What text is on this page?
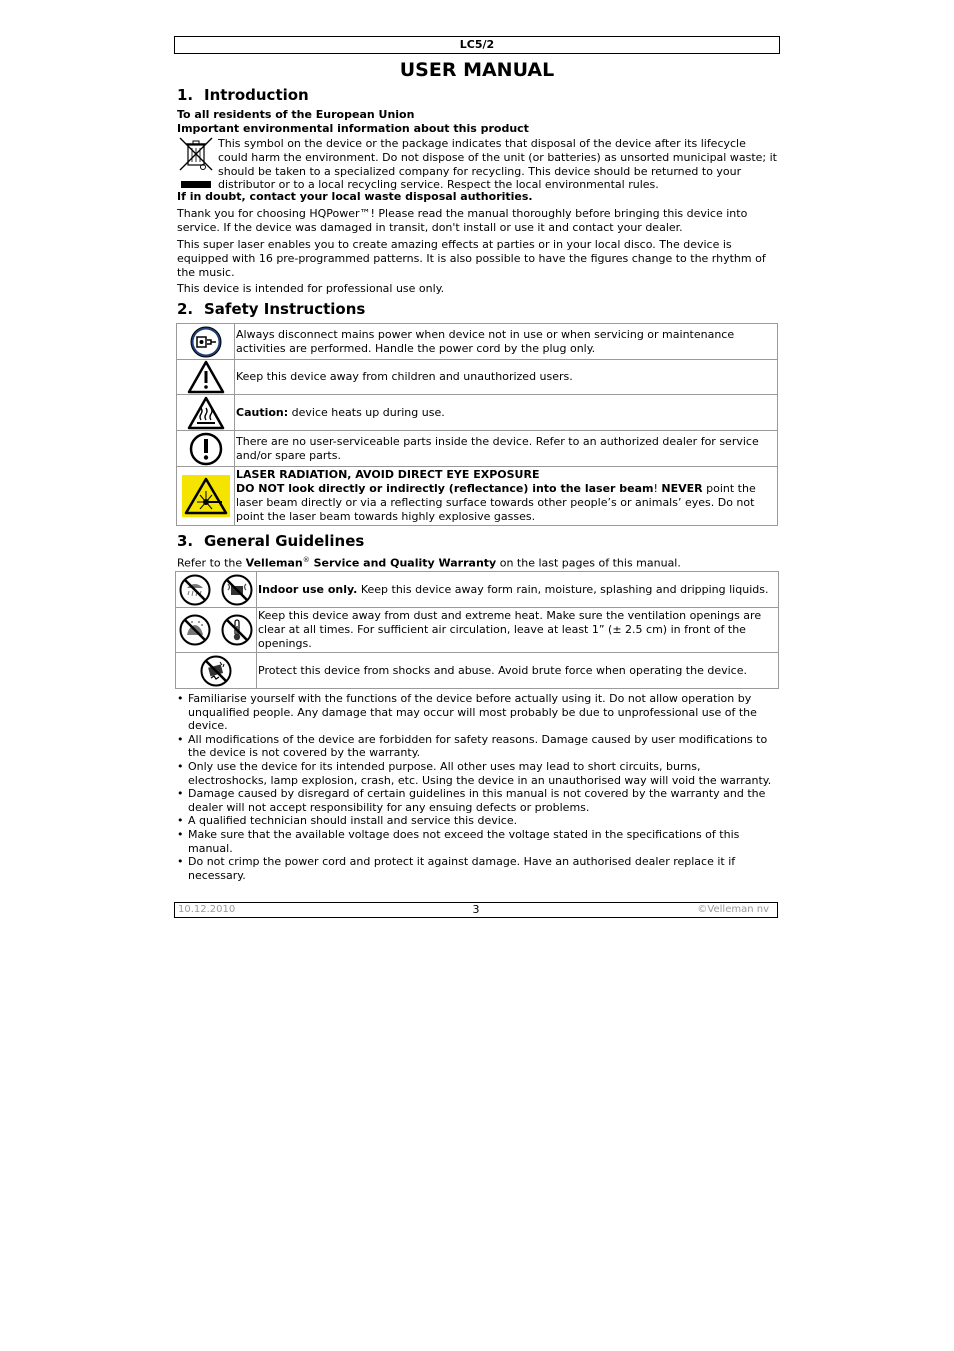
LC5/2
USER MANUAL
1. Introduction

To all residents of the European Union

Important environmental information about this product

This symbol on the device or the package indicates that disposal of the device after its lifecycle could harm the environment. Do not dispose of the unit (or batteries) as unsorted municipal waste; it should be taken to a specialized company for recycling. This device should be returned to your distributor or to a local recycling service. Respect the local environmental rules.

If in doubt, contact your local waste disposal authorities.

Thank you for choosing HQPower™! Please read the manual thoroughly before bringing this device into service. If the device was damaged in transit, don't install or use it and contact your dealer.

This super laser enables you to create amazing effects at parties or in your local disco. The device is equipped with 16 pre-programmed patterns. It is also possible to have the figures change to the rhythm of the music.

This device is intended for professional use only.

2. Safety Instructions
	Always disconnect mains power when device not in use or when servicing or maintenance activities are performed. Handle the power cord by the plug only.

	Keep this device away from children and unauthorized users.

	Caution: device heats up during use.

	There are no user-serviceable parts inside the device. Refer to an authorized dealer for service and/or spare parts.

LASER RADIATION, AVOID DIRECT EYE EXPOSURE
DO NOT look directly or indirectly (reflectance) into the laser beam! NEVER point the laser beam directly or via a reflecting surface towards other people’s or animals’ eyes. Do not point the laser beam towards highly explosive gasses.
3. General Guidelines

Refer to the Velleman® Service and Quality Warranty on the last pages of this manual.

	Indoor use only. Keep this device away form rain, moisture, splashing and dripping liquids.

	Keep this device away from dust and extreme heat. Make sure the ventilation openings are clear at all times. For sufficient air circulation, leave at least 1” (± 2.5 cm) in front of the openings.

	Protect this device from shocks and abuse. Avoid brute force when operating the device.
• Familiarise yourself with the functions of the device before actually using it. Do not allow operation by unqualified people. Any damage that may occur will most probably be due to unprofessional use of the device.
• All modifications of the device are forbidden for safety reasons. Damage caused by user modifications to the device is not covered by the warranty.
• Only use the device for its intended purpose. All other uses may lead to short circuits, burns, electroshocks, lamp explosion, crash, etc. Using the device in an unauthorised way will void the warranty.
• Damage caused by disregard of certain guidelines in this manual is not covered by the warranty and the dealer will not accept responsibility for any ensuing defects or problems.
• A qualified technician should install and service this device.
• Make sure that the available voltage does not exceed the voltage stated in the specifications of this manual.
• Do not crimp the power cord and protect it against damage. Have an authorised dealer replace it if necessary.
10.12.2010	3	©Velleman nv
